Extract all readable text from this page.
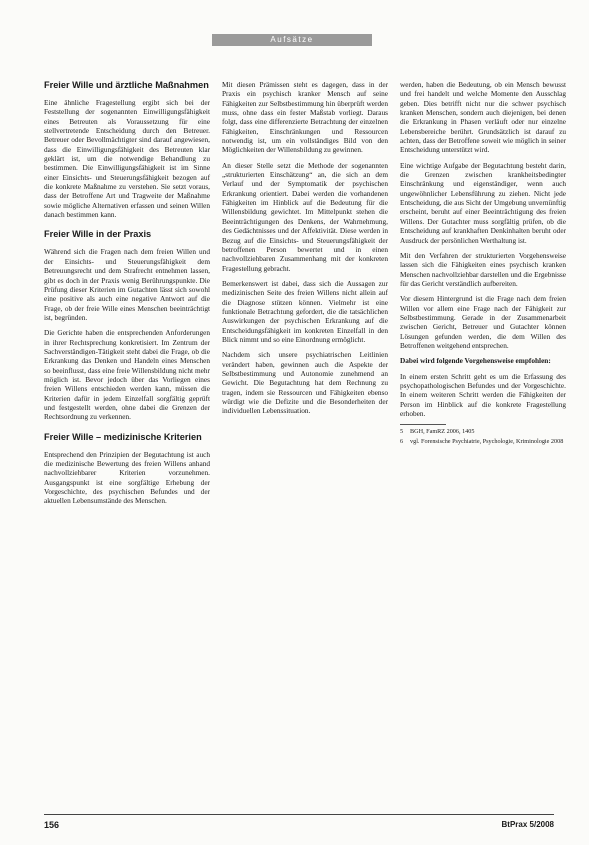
Aufsätze
Freier Wille und ärztliche Maßnahmen

Eine ähnliche Fragestellung ergibt sich bei der Feststellung der sogenannten Einwilligungsfähigkeit eines Betreuten als Voraussetzung für eine stellvertretende Entscheidung durch den Betreuer. Betreuer oder Bevollmächtigter sind darauf angewiesen, dass die Einwilligungsfähigkeit des Betreuten klar geklärt ist, um die notwendige Behandlung zu bestimmen. Die Einwilligungsfähigkeit ist im Sinne einer Einsichts- und Steuerungsfähigkeit bezogen auf die konkrete Maßnahme zu verstehen. Sie setzt voraus, dass der Betroffene Art und Tragweite der Maßnahme sowie mögliche Alternativen erfassen und seinen Willen danach bestimmen kann.

Freier Wille in der Praxis

Während sich die Fragen nach dem freien Willen und der Einsichts- und Steuerungsfähigkeit dem Betreuungsrecht und dem Strafrecht entnehmen lassen, gibt es doch in der Praxis wenig Berührungspunkte. Die Prüfung dieser Kriterien im Gutachten lässt sich sowohl eine positive als auch eine negative Antwort auf die Frage, ob der freie Wille eines Menschen beeinträchtigt ist, begründen.

Die Gerichte haben die entsprechenden Anforderungen in ihrer Rechtsprechung konkretisiert. Im Zentrum der Sachverständigen-Tätigkeit steht dabei die Frage, ob die Erkrankung das Denken und Handeln eines Menschen so beeinflusst, dass eine freie Willensbildung nicht mehr möglich ist. Bevor jedoch über das Vorliegen eines freien Willens entschieden werden kann, müssen die Kriterien dafür in jedem Einzelfall sorgfältig geprüft und festgestellt werden, ohne dabei die Grenzen der Rechtsordnung zu verkennen.

Freier Wille – medizinische Kriterien

Entsprechend den Prinzipien der Begutachtung ist auch die medizinische Bewertung des freien Willens anhand nachvollziehbarer Kriterien vorzunehmen. Ausgangspunkt ist eine sorgfältige Erhebung der Vorgeschichte, des psychischen Befundes und der aktuellen Lebensumstände des Menschen.

Mit diesen Prämissen steht es dagegen, dass in der Praxis ein psychisch kranker Mensch auf seine Fähigkeiten zur Selbstbestimmung hin überprüft werden muss, ohne dass ein fester Maßstab vorliegt. Daraus folgt, dass eine differenzierte Betrachtung der einzelnen Fähigkeiten, Einschränkungen und Ressourcen notwendig ist, um ein vollständiges Bild von den Möglichkeiten der Willensbildung zu gewinnen.

An dieser Stelle setzt die Methode der sogenannten „strukturierten Einschätzung“ an, die sich an dem Verlauf und der Symptomatik der psychischen Erkrankung orientiert. Dabei werden die vorhandenen Fähigkeiten im Hinblick auf die Bedeutung für die Willensbildung gewichtet. Im Mittelpunkt stehen die Beeinträchtigungen des Denkens, der Wahrnehmung, des Gedächtnisses und der Affektivität. Diese werden in Bezug auf die Einsichts- und Steuerungsfähigkeit der betroffenen Person bewertet und in einen nachvollziehbaren Zusammenhang mit der konkreten Fragestellung gebracht.

Bemerkenswert ist dabei, dass sich die Aussagen zur medizinischen Seite des freien Willens nicht allein auf die Diagnose stützen können. Vielmehr ist eine funktionale Betrachtung gefordert, die die tatsächlichen Auswirkungen der psychischen Erkrankung auf die Entscheidungsfähigkeit im konkreten Einzelfall in den Blick nimmt und so eine Einordnung ermöglicht.

Nachdem sich unsere psychiatrischen Leitlinien verändert haben, gewinnen auch die Aspekte der Selbstbestimmung und Autonomie zunehmend an Gewicht. Die Begutachtung hat dem Rechnung zu tragen, indem sie Ressourcen und Fähigkeiten ebenso würdigt wie die Defizite und die Besonderheiten der individuellen Lebenssituation.

werden, haben die Bedeutung, ob ein Mensch bewusst und frei handelt und welche Momente den Ausschlag geben. Dies betrifft nicht nur die schwer psychisch kranken Menschen, sondern auch diejenigen, bei denen die Erkrankung in Phasen verläuft oder nur einzelne Lebensbereiche berührt. Grundsätzlich ist darauf zu achten, dass der Betroffene soweit wie möglich in seiner Entscheidung unterstützt wird.

Eine wichtige Aufgabe der Begutachtung besteht darin, die Grenzen zwischen krankheitsbedingter Einschränkung und eigenständiger, wenn auch ungewöhnlicher Lebensführung zu ziehen. Nicht jede Entscheidung, die aus Sicht der Umgebung unvernünftig erscheint, beruht auf einer Beeinträchtigung des freien Willens. Der Gutachter muss sorgfältig prüfen, ob die Entscheidung auf krankhaften Denkinhalten beruht oder Ausdruck der persönlichen Werthaltung ist.

Mit den Verfahren der strukturierten Vorgehensweise lassen sich die Fähigkeiten eines psychisch kranken Menschen nachvollziehbar darstellen und die Ergebnisse für das Gericht verständlich aufbereiten.

Vor diesem Hintergrund ist die Frage nach dem freien Willen vor allem eine Frage nach der Fähigkeit zur Selbstbestimmung. Gerade in der Zusammenarbeit zwischen Gericht, Betreuer und Gutachter können Lösungen gefunden werden, die dem Willen des Betroffenen weitgehend entsprechen.

Dabei wird folgende Vorgehensweise empfohlen:

In einem ersten Schritt geht es um die Erfassung des psychopathologischen Befundes und der Vorgeschichte. In einem weiteren Schritt werden die Fähigkeiten der Person im Hinblick auf die konkrete Fragestellung erhoben.

5	BGH, FamRZ 2006, 1405
6	vgl. Forensische Psychiatrie, Psychologie, Kriminologie 2008
156	BtPrax 5/2008
